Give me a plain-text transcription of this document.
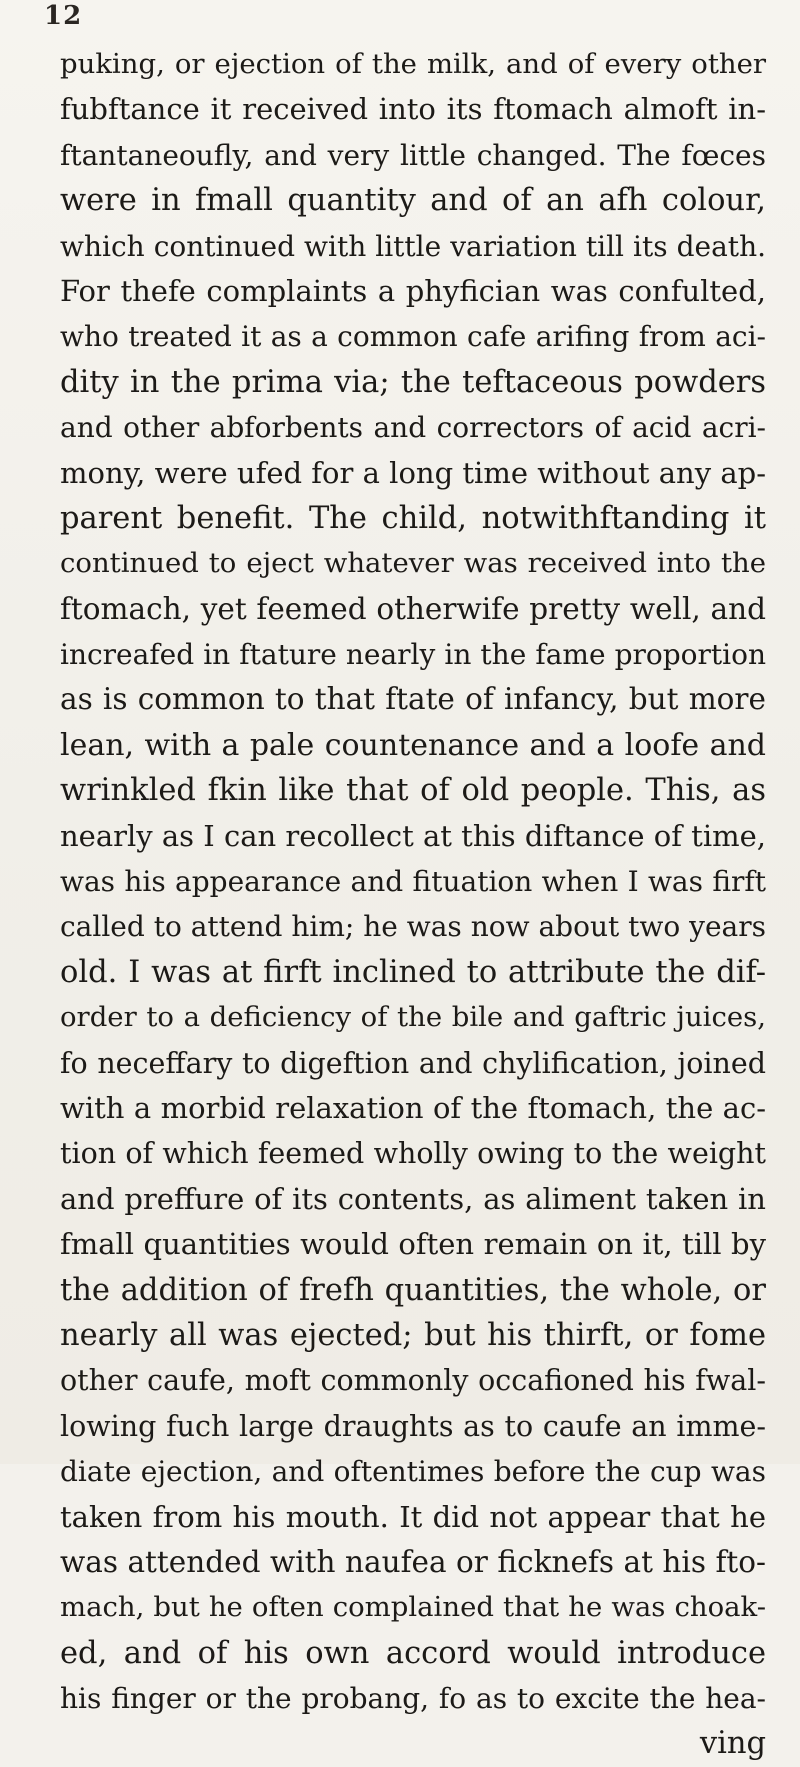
12
puking, or ejection of the milk, and of every other
fubftance it received into its ftomach almoft in-
ftantaneoufly, and very little changed. The fœces
were in fmall quantity and of an afh colour,
which continued with little variation till its death.
For thefe complaints a phyfician was confulted,
who treated it as a common cafe arifing from aci-
dity in the prima via; the teftaceous powders
and other abforbents and correctors of acid acri-
mony, were ufed for a long time without any ap-
parent benefit. The child, notwithftanding it
continued to eject whatever was received into the
ftomach, yet feemed otherwife pretty well, and
increafed in ftature nearly in the fame proportion
as is common to that ftate of infancy, but more
lean, with a pale countenance and a loofe and
wrinkled fkin like that of old people. This, as
nearly as I can recollect at this diftance of time,
was his appearance and fituation when I was firft
called to attend him; he was now about two years
old. I was at firft inclined to attribute the dif-
order to a deficiency of the bile and gaftric juices,
fo neceffary to digeftion and chylification, joined
with a morbid relaxation of the ftomach, the ac-
tion of which feemed wholly owing to the weight
and preffure of its contents, as aliment taken in
fmall quantities would often remain on it, till by
the addition of frefh quantities, the whole, or
nearly all was ejected; but his thirft, or fome
other caufe, moft commonly occafioned his fwal-
lowing fuch large draughts as to caufe an imme-
diate ejection, and oftentimes before the cup was
taken from his mouth. It did not appear that he
was attended with naufea or ficknefs at his fto-
mach, but he often complained that he was choak-
ed, and of his own accord would introduce
his finger or the probang, fo as to excite the hea-
ving
